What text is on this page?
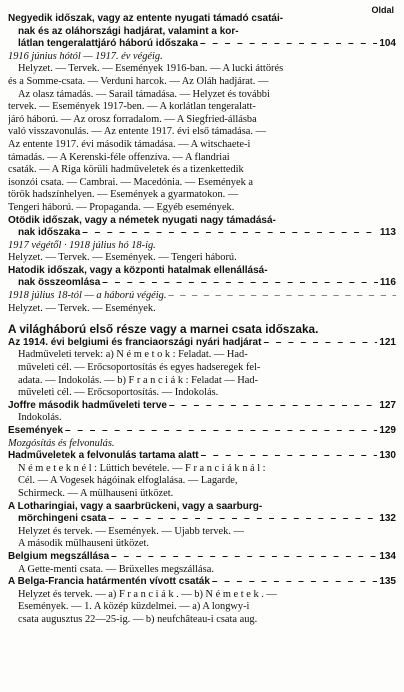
Oldal
Negyedik időszak, vagy az entente nyugati támadó csatái-
nak és az oláhországi hadjárat, valamint a kor-
látlan tengeralattjáró háború időszaka – – –	104
1916 június hótól — 1917. év végéig.
Helyzet. — Tervek. — Események 1916-ban. — A lucki áttörés
és a Somme-csata. — Verduni harcok. — Az Oláh hadjárat. —
Az olasz támadás. — Sarail támadása. — Helyzet és további
tervek. — Események 1917-ben. — A korlátlan tengeralatt-
járó háború. — Az orosz forradalom. — A Siegfried-állásba
való visszavonulás. — Az entente 1917. évi első támadása. —
Az entente 1917. évi második támadása. — A witschaete-i
támadás. — A Kerenski-féle offenzíva. — A flandriai
csaták. — A Riga körüli hadműveletek és a tizenkettedik
isonzói csata. — Cambrai. — Macedónia. — Események a
török hadszínhelyen. — Események a gyarmatokon. —
Tengeri háború. — Propaganda. — Egyéb események.
Ötödik időszak, vagy a németek nyugati nagy támadásá-
nak időszaka – – –	113
1917 végétől · 1918 július hó 18-ig.
Helyzet. — Tervek. — Események. — Tengeri háború.
Hatodik időszak, vagy a központi hatalmak ellenállásá-
nak összeomlása – – –	116
1918 július 18-tól — a háború végéig.
– – –
Helyzet. — Tervek. — Események.
A világháború első része vagy a marnei csata időszaka.
Az 1914. évi belgiumi és franciaországi nyári hadjárat – – –	121
Hadműveleti tervek: a) N é m e t o k : Feladat. — Had-
műveleti cél. — Erőcsoportosítás és egyes hadseregek fel-
adata. — Indokolás. — b) F r a n c i á k : Feladat — Had-
műveleti cél. — Erőcsoportosítás. — Indokolás.
Joffre második hadműveleti terve – – –	127
Indokolás.
Események – – –	129
Mozgósítás és felvonulás.
Hadműveletek a felvonulás tartama alatt – – –	130
N é m e t e k n é l : Lüttich bevétele. — F r a n c i á k n á l :
Cél. — A Vogesek hágóinak elfoglalása. — Lagarde,
Schirmeck. — A mülhauseni ütközet.
A Lotharingiai, vagy a saarbrückeni, vagy a saarburg-
mörchingeni csata – – –	132
Helyzet és tervek. — Események. — Újabb tervek. —
A második mülhauseni ütközet.
Belgium megszállása – – –	134
A Gette-menti csata. — Brüxelles megszállása.
A Belga-Francia határmentén vívott csaták – – –	135
Helyzet és tervek. — a) F r a n c i á k . — b) N é m e t e k . —
Események. — 1. A közép küzdelmei. — a) A longwy-i
csata augusztus 22—25-ig. — b) neufchâteau-i csata aug.
